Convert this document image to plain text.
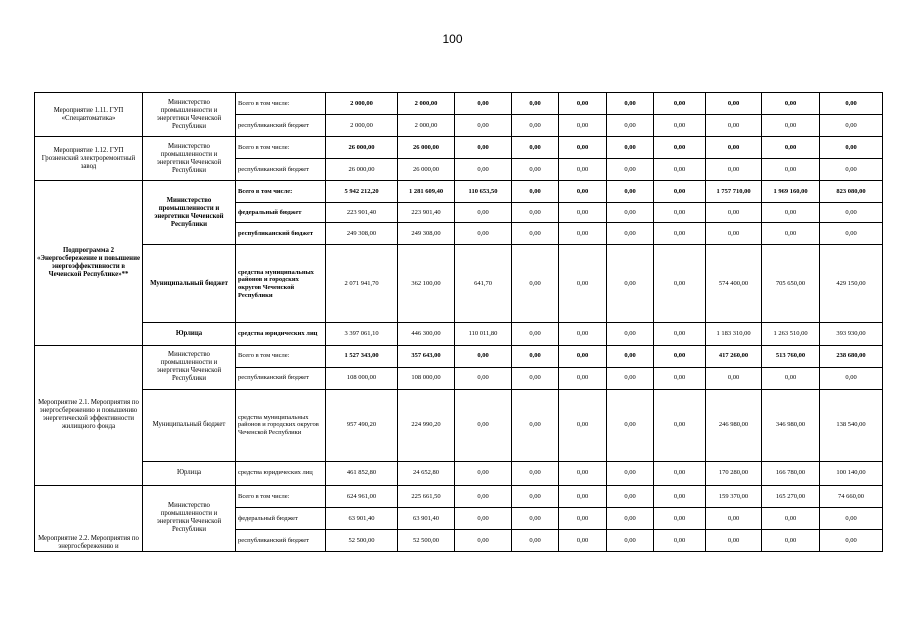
100
Мероприятие 1.11. ГУП «Спецавтоматика»	Министерство промышленности и энергетики Чеченской Республики	Всего в том числе:	2 000,00	2 000,00	0,00	0,00	0,00	0,00	0,00	0,00	0,00	0,00
		республиканский бюджет	2 000,00	2 000,00	0,00	0,00	0,00	0,00	0,00	0,00	0,00	0,00
Мероприятие 1.12. ГУП Грозненский электроремонтный завод	Министерство промышленности и энергетики Чеченской Республики	Всего в том числе:	26 000,00	26 000,00	0,00	0,00	0,00	0,00	0,00	0,00	0,00	0,00
		республиканский бюджет	26 000,00	26 000,00	0,00	0,00	0,00	0,00	0,00	0,00	0,00	0,00
Подпрограмма 2 «Энергосбережение и повышение энергоэффективности в Чеченской Республике»**	Министерство промышленности и энергетики Чеченской Республики	Всего в том числе:	5 942 212,20	1 281 609,40	110 653,50	0,00	0,00	0,00	0,00	1 757 710,00	1 969 160,00	823 080,00
		федеральный бюджет	223 901,40	223 901,40	0,00	0,00	0,00	0,00	0,00	0,00	0,00	0,00
		республиканский бюджет	249 308,00	249 308,00	0,00	0,00	0,00	0,00	0,00	0,00	0,00	0,00
	Муниципальный бюджет	средства муниципальных районов и городских округов Чеченской Республики	2 071 941,70	362 100,00	641,70	0,00	0,00	0,00	0,00	574 400,00	705 650,00	429 150,00
	Юрлица	средства юридических лиц	3 397 061,10	446 300,00	110 011,80	0,00	0,00	0,00	0,00	1 183 310,00	1 263 510,00	393 930,00
Мероприятие 2.1. Мероприятия по энергосбережению и повышению энергетической эффективности жилищного фонда	Министерство промышленности и энергетики Чеченской Республики	Всего в том числе:	1 527 343,00	357 643,00	0,00	0,00	0,00	0,00	0,00	417 260,00	513 760,00	238 680,00
		республиканский бюджет	108 000,00	108 000,00	0,00	0,00	0,00	0,00	0,00	0,00	0,00	0,00
	Муниципальный бюджет	средства муниципальных районов и городских округов Чеченской Республики	957 490,20	224 990,20	0,00	0,00	0,00	0,00	0,00	246 980,00	346 980,00	138 540,00
	Юрлица	средства юридических лиц	461 852,80	24 652,80	0,00	0,00	0,00	0,00	0,00	170 280,00	166 780,00	100 140,00
Мероприятие 2.2. Мероприятия по энергосбережению и	Министерство промышленности и энергетики Чеченской Республики	Всего в том числе:	624 961,00	225 661,50	0,00	0,00	0,00	0,00	0,00	159 370,00	165 270,00	74 660,00
		федеральный бюджет	63 901,40	63 901,40	0,00	0,00	0,00	0,00	0,00	0,00	0,00	0,00
		республиканский бюджет	52 500,00	52 500,00	0,00	0,00	0,00	0,00	0,00	0,00	0,00	0,00
